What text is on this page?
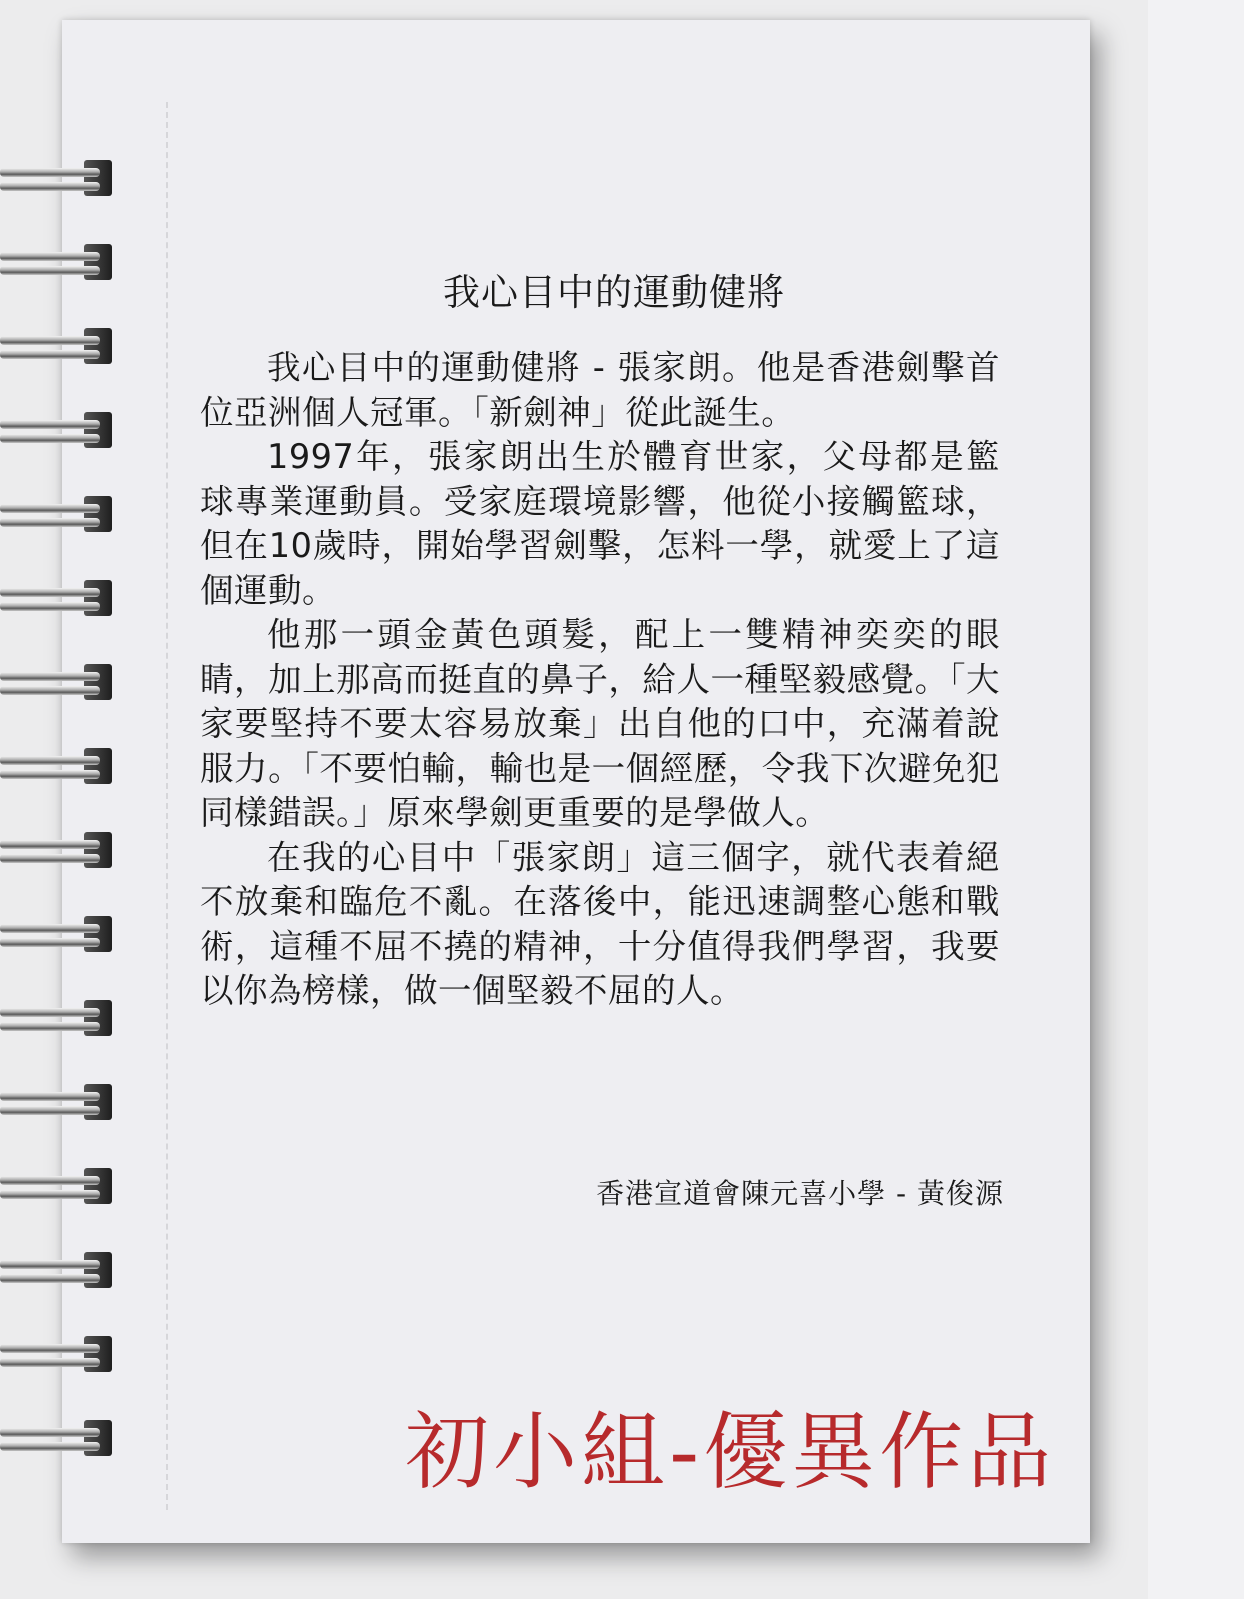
我心目中的運動健將

我心目中的運動健將 - 張家朗。他是香港劍擊首位亞洲個人冠軍。「新劍神」從此誕生。

1997年，張家朗出生於體育世家，父母都是籃球專業運動員。受家庭環境影響，他從小接觸籃球，但在10歲時，開始學習劍擊，怎料一學，就愛上了這個運動。

他那一頭金黃色頭髮，配上一雙精神奕奕的眼睛，加上那高而挺直的鼻子，給人一種堅毅感覺。「大家要堅持不要太容易放棄」出自他的口中，充滿着說服力。「不要怕輸，輸也是一個經歷，令我下次避免犯同樣錯誤。」原來學劍更重要的是學做人。

在我的心目中「張家朗」這三個字，就代表着絕不放棄和臨危不亂。在落後中，能迅速調整心態和戰術，這種不屈不撓的精神，十分值得我們學習，我要以你為榜樣，做一個堅毅不屈的人。

香港宣道會陳元喜小學 - 黃俊源
初小組-優異作品
